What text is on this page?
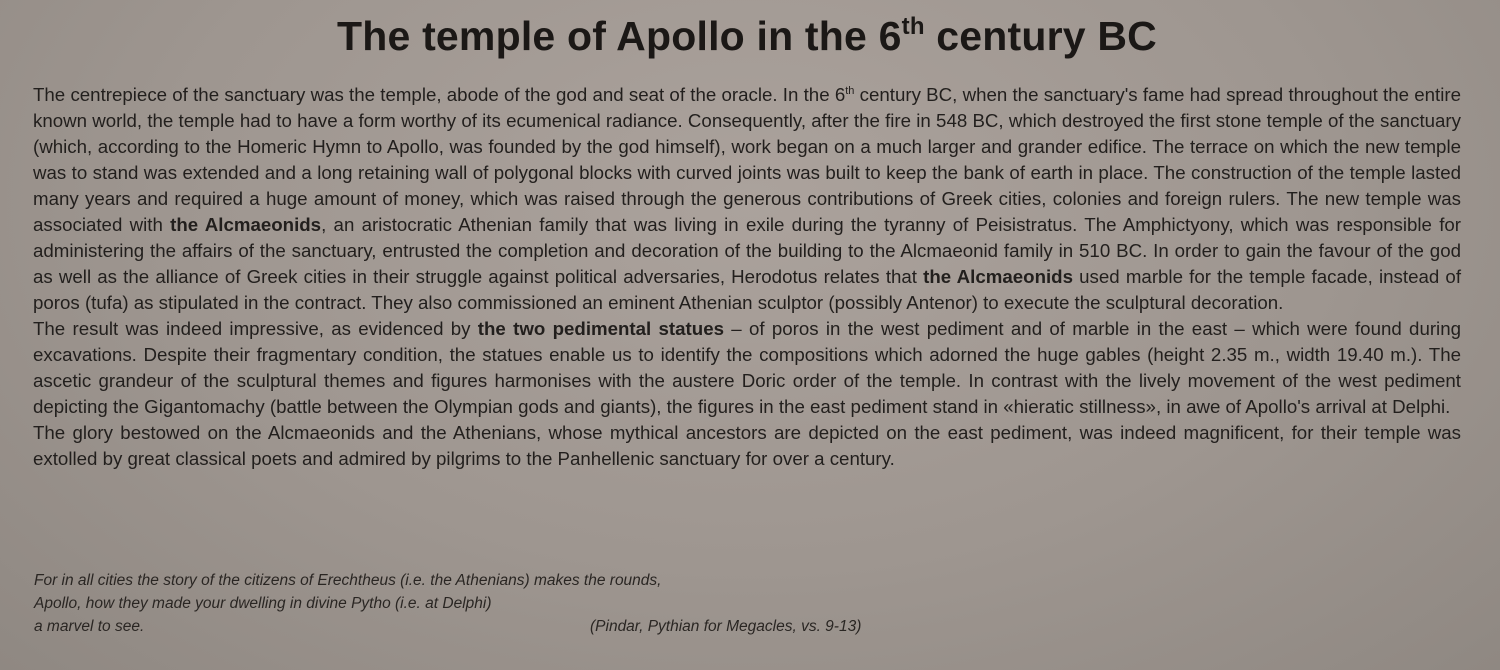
The temple of Apollo in the 6th century BC

The centrepiece of the sanctuary was the temple, abode of the god and seat of the oracle. In the 6th century BC, when the sanctuary's fame had spread throughout the entire known world, the temple had to have a form worthy of its ecumenical radiance. Consequently, after the fire in 548 BC, which destroyed the first stone temple of the sanctuary (which, according to the Homeric Hymn to Apollo, was founded by the god himself), work began on a much larger and grander edifice. The terrace on which the new temple was to stand was extended and a long retaining wall of polygonal blocks with curved joints was built to keep the bank of earth in place. The construction of the temple lasted many years and required a huge amount of money, which was raised through the generous contributions of Greek cities, colonies and foreign rulers. The new temple was associated with the Alcmaeonids, an aristocratic Athenian family that was living in exile during the tyranny of Peisistratus. The Amphictyony, which was responsible for administering the affairs of the sanctuary, entrusted the completion and decoration of the building to the Alcmaeonid family in 510 BC. In order to gain the favour of the god as well as the alliance of Greek cities in their struggle against political adversaries, Herodotus relates that the Alcmaeonids used marble for the temple facade, instead of poros (tufa) as stipulated in the contract. They also commissioned an eminent Athenian sculptor (possibly Antenor) to execute the sculptural decoration.

The result was indeed impressive, as evidenced by the two pedimental statues – of poros in the west pediment and of marble in the east – which were found during excavations. Despite their fragmentary condition, the statues enable us to identify the compositions which adorned the huge gables (height 2.35 m., width 19.40 m.). The ascetic grandeur of the sculptural themes and figures harmonises with the austere Doric order of the temple. In contrast with the lively movement of the west pediment depicting the Gigantomachy (battle between the Olympian gods and giants), the figures in the east pediment stand in «hieratic stillness», in awe of Apollo's arrival at Delphi.

The glory bestowed on the Alcmaeonids and the Athenians, whose mythical ancestors are depicted on the east pediment, was indeed magnificent, for their temple was extolled by great classical poets and admired by pilgrims to the Panhellenic sanctuary for over a century.

For in all cities the story of the citizens of Erechtheus (i.e. the Athenians) makes the rounds,
Apollo, how they made your dwelling in divine Pytho (i.e. at Delphi)
a marvel to see.	(Pindar, Pythian for Megacles, vs. 9-13)
